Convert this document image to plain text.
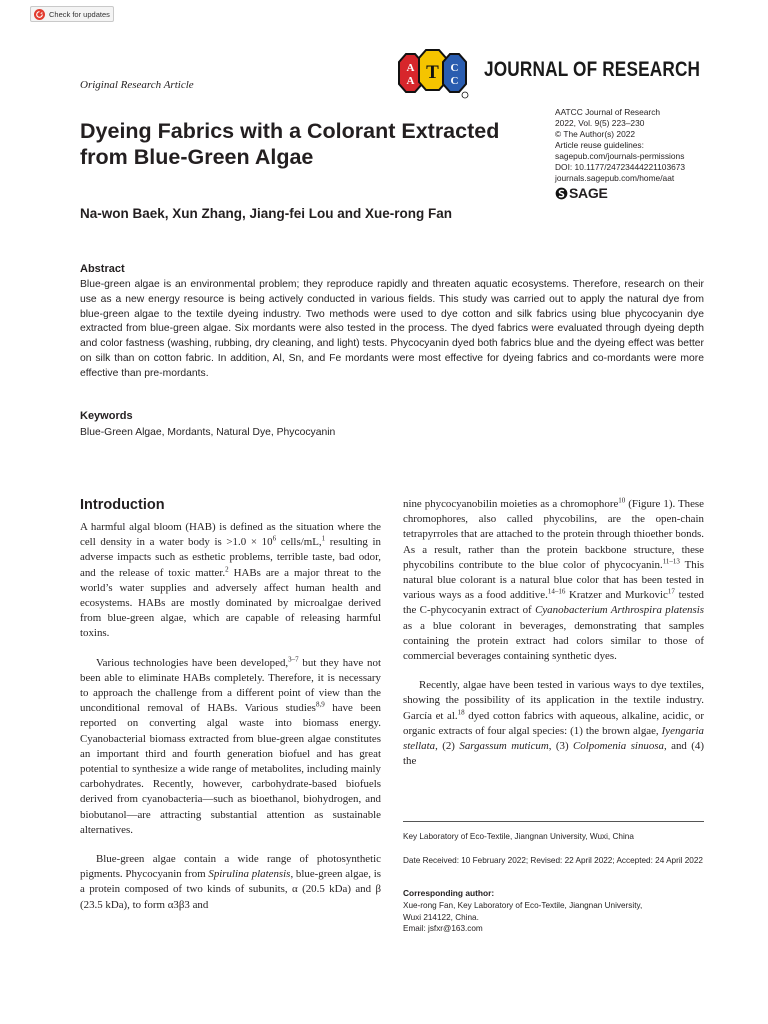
Check for updates
Original Research Article
A
A T C
C JOURNAL OF RESEARCH
AATCC Journal of Research
2022, Vol. 9(5) 223–230
© The Author(s) 2022
Article reuse guidelines:
sagepub.com/journals-permissions
DOI: 10.1177/24723444221103673
journals.sagepub.com/home/aat
SAGE
Dyeing Fabrics with a Colorant Extracted
from Blue-Green Algae
Na-won Baek, Xun Zhang, Jiang-fei Lou and Xue-rong Fan
Abstract
Blue-green algae is an environmental problem; they reproduce rapidly and threaten aquatic ecosystems. Therefore, research on their use as a new energy resource is being actively conducted in various fields. This study was carried out to apply the natural dye from blue-green algae to the textile dyeing industry. Two methods were used to dye cotton and silk fabrics using blue phycocyanin dye extracted from blue-green algae. Six mordants were also tested in the process. The dyed fabrics were evaluated through dyeing depth and color fastness (washing, rubbing, dry cleaning, and light) tests. Phycocyanin dyed both fabrics blue and the dyeing effect was better on silk than on cotton fabric. In addition, Al, Sn, and Fe mordants were most effective for dyeing fabrics and co-mordants were more effective than pre-mordants.
Keywords
Blue-Green Algae, Mordants, Natural Dye, Phycocyanin
Introduction

A harmful algal bloom (HAB) is defined as the situation where the cell density in a water body is $>1.0 \times 10^6$ cells/mL,$^1$ resulting in adverse impacts such as esthetic problems, terrible taste, bad odor, and the release of toxic matter.$^2$ HABs are a major threat to the world’s water supplies and adversely affect human health and ecosystems. HABs are mostly dominated by microalgae derived from blue-green algae, which are capable of releasing harmful toxins.

Various technologies have been developed,$^{3-7}$ but they have not been able to eliminate HABs completely. Therefore, it is necessary to approach the challenge from a different point of view than the unconditional removal of HABs. Various studies$^{8,9}$ have been reported on converting algal waste into biomass energy. Cyanobacterial biomass extracted from blue-green algae constitutes an important third and fourth generation biofuel and has great potential to synthesize a wide range of metabolites, including mainly carbohydrates. Recently, however, carbohydrate-based biofuels derived from cyanobacteria—such as bioethanol, biohydrogen, and biobutanol—are attracting substantial attention as sustainable alternatives.

Blue-green algae contain a wide range of photosynthetic pigments. Phycocyanin from Spirulina platensis, blue-green algae, is a protein composed of two kinds of subunits, α (20.5 kDa) and β (23.5 kDa), to form α3β3 and

nine phycocyanobilin moieties as a chromophore$^{10}$ (Figure 1). These chromophores, also called phycobilins, are the open-chain tetrapyrroles that are attached to the protein through thioether bonds. As a result, rather than the protein backbone structure, these phycobilins contribute to the blue color of phycocyanin.$^{11-13}$ This natural blue colorant is a natural blue color that has been tested in various ways as a food additive.$^{14-16}$ Kratzer and Murkovic$^{17}$ tested the C-phycocyanin extract of Cyanobacterium Arthrospira platensis as a blue colorant in beverages, demonstrating that samples containing the protein extract had colors similar to those of commercial beverages containing synthetic dyes.

Recently, algae have been tested in various ways to dye textiles, showing the possibility of its application in the textile industry. García et al.$^{18}$ dyed cotton fabrics with aqueous, alkaline, acidic, or organic extracts of four algal species: (1) the brown algae, Iyengaria stellata, (2) Sargassum muticum, (3) Colpomenia sinuosa, and (4) the

Key Laboratory of Eco-Textile, Jiangnan University, Wuxi, China
Date Received: 10 February 2022; Revised: 22 April 2022; Accepted: 24 April 2022
Corresponding author:
Xue-rong Fan, Key Laboratory of Eco-Textile, Jiangnan University,
Wuxi 214122, China.
Email: jsfxr@163.com
